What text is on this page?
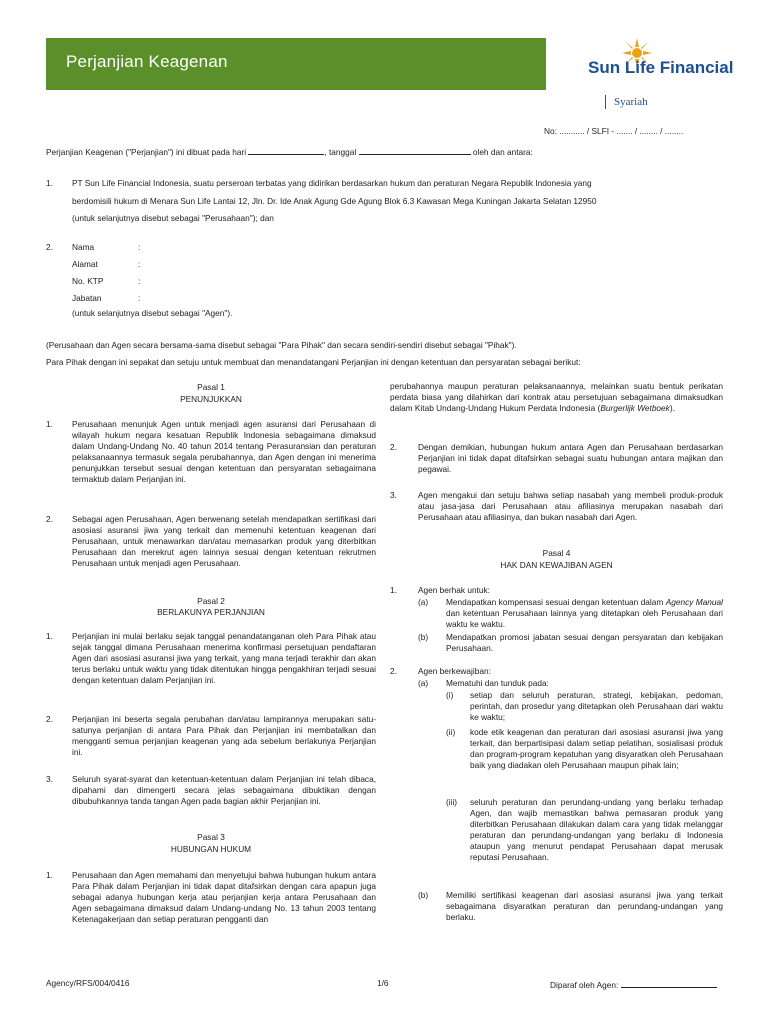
Perjanjian Keagenan	Sun Life Financial
Syariah
No: ........... / SLFI - ....... / ........ / ........
Perjanjian Keagenan ("Perjanjian") ini dibuat pada hari	, tanggal	oleh dan antara:
1. PT Sun Life Financial Indonesia, suatu perseroan terbatas yang didirikan berdasarkan hukum dan peraturan Negara Republik Indonesia yang
berdomisili hukum di Menara Sun Life Lantai 12, Jln. Dr. Ide Anak Agung Gde Agung Blok 6.3 Kawasan Mega Kuningan Jakarta Selatan 12950
(untuk selanjutnya disebut sebagai "Perusahaan"); dan
2. Nama	:
Alamat	:
No. KTP	:
Jabatan	:
(untuk selanjutnya disebut sebagai "Agen").
(Perusahaan dan Agen secara bersama-sama disebut sebagai "Para Pihak" dan secara sendiri-sendiri disebut sebagai "Pihak").
Para Pihak dengan ini sepakat dan setuju untuk membuat dan menandatangani Perjanjian ini dengan ketentuan dan persyaratan sebagai berikut:
Pasal 1
PENUNJUKKAN
1. Perusahaan menunjuk Agen untuk menjadi agen asuransi dari Perusahaan di wilayah hukum negara kesatuan Republik Indonesia sebagaimana dimaksud dalam Undang-Undang No. 40 tahun 2014 tentang Perasuransian dan peraturan pelaksanaannya termasuk segala perubahannya, dan Agen dengan ini menerima penunjukkan tersebut sesuai dengan ketentuan dan persyaratan sebagaimana termaktub dalam Perjanjian ini.
2. Sebagai agen Perusahaan, Agen berwenang setelah mendapatkan sertifikasi dari asosiasi asuransi jiwa yang terkait dan memenuhi ketentuan keagenan dari Perusahaan, untuk menawarkan dan/atau memasarkan produk yang diterbitkan Perusahaan dan merekrut agen lainnya sesuai dengan ketentuan rekrutmen Perusahaan untuk menjadi agen Perusahaan.
Pasal 2
BERLAKUNYA PERJANJIAN
1. Perjanjian ini mulai berlaku sejak tanggal penandatanganan oleh Para Pihak atau sejak tanggal dimana Perusahaan menerima konfirmasi persetujuan pendaftaran Agen dari asosiasi asuransi jiwa yang terkait, yang mana terjadi terakhir dan akan terus berlaku untuk waktu yang tidak ditentukan hingga pengakhiran terjadi sesuai dengan ketentuan dalam Perjanjian ini.
2. Perjanjian ini beserta segala perubahan dan/atau lampirannya merupakan satu-satunya perjanjian di antara Para Pihak dan Perjanjian ini membatalkan dan mengganti semua perjanjian keagenan yang ada sebelum berlakunya Perjanjian ini.
3. Seluruh syarat-syarat dan ketentuan-ketentuan dalam Perjanjian ini telah dibaca, dipahami dan dimengerti secara jelas sebagaimana dibuktikan dengan dibubuhkannya tanda tangan Agen pada bagian akhir Perjanjian ini.
Pasal 3
HUBUNGAN HUKUM
1. Perusahaan dan Agen memahami dan menyetujui bahwa hubungan hukum antara Para Pihak dalam Perjanjian ini tidak dapat ditafsirkan dengan cara apapun juga sebagai adanya hubungan kerja atau perjanjian kerja antara Perusahaan dan Agen sebagaimana dimaksud dalam Undang-undang No. 13 tahun 2003 tentang Ketenagakerjaan dan setiap peraturan pengganti dan
perubahannya maupun peraturan pelaksanaannya, melainkan suatu bentuk perikatan perdata biasa yang dilahirkan dari kontrak atau persetujuan sebagaimana dimaksudkan dalam Kitab Undang-Undang Hukum Perdata Indonesia (Burgerlijk Wetboek).
2.	Dengan demikian, hubungan hukum antara Agen dan Perusahaan berdasarkan Perjanjian ini tidak dapat ditafsirkan sebagai suatu hubungan antara majikan dan pegawai.
3.	Agen mengakui dan setuju bahwa setiap nasabah yang membeli produk-produk atau jasa-jasa dari Perusahaan atau afiliasinya merupakan nasabah dari Perusahaan atau afiliasinya, dan bukan nasabah dari Agen.
Pasal 4
HAK DAN KEWAJIBAN AGEN
1.	Agen berhak untuk:
(a) Mendapatkan kompensasi sesuai dengan ketentuan dalam Agency Manual dan ketentuan Perusahaan lainnya yang ditetapkan oleh Perusahaan dari waktu ke waktu.
(b) Mendapatkan promosi jabatan sesuai dengan persyaratan dan kebijakan Perusahaan.
2.	Agen berkewajiban:
(a) Mematuhi dan tunduk pada:
(i) setiap dan seluruh peraturan, strategi, kebijakan, pedoman, perintah, dan prosedur yang ditetapkan oleh Perusahaan dari waktu ke waktu;
(ii) kode etik keagenan dan peraturan dari asosiasi asuransi jiwa yang terkait, dan berpartisipasi dalam setiap pelatihan, sosialisasi produk dan program-program kepatuhan yang disyaratkan oleh Perusahaan baik yang diadakan oleh Perusahaan maupun pihak lain;
(iii) seluruh peraturan dan perundang-undang yang berlaku terhadap Agen, dan wajib memastikan bahwa pemasaran produk yang diterbitkan Perusahaan dilakukan dalam cara yang tidak melanggar peraturan dan perundang-undangan yang berlaku di Indonesia ataupun yang menurut pendapat Perusahaan dapat merusak reputasi Perusahaan.
(b) Memiliki sertifikasi keagenan dari asosiasi asuransi jiwa yang terkait sebagaimana disyaratkan peraturan dan perundang-undangan yang berlaku.
Agency/RFS/004/0416	1/6	Diparaf oleh Agen:
